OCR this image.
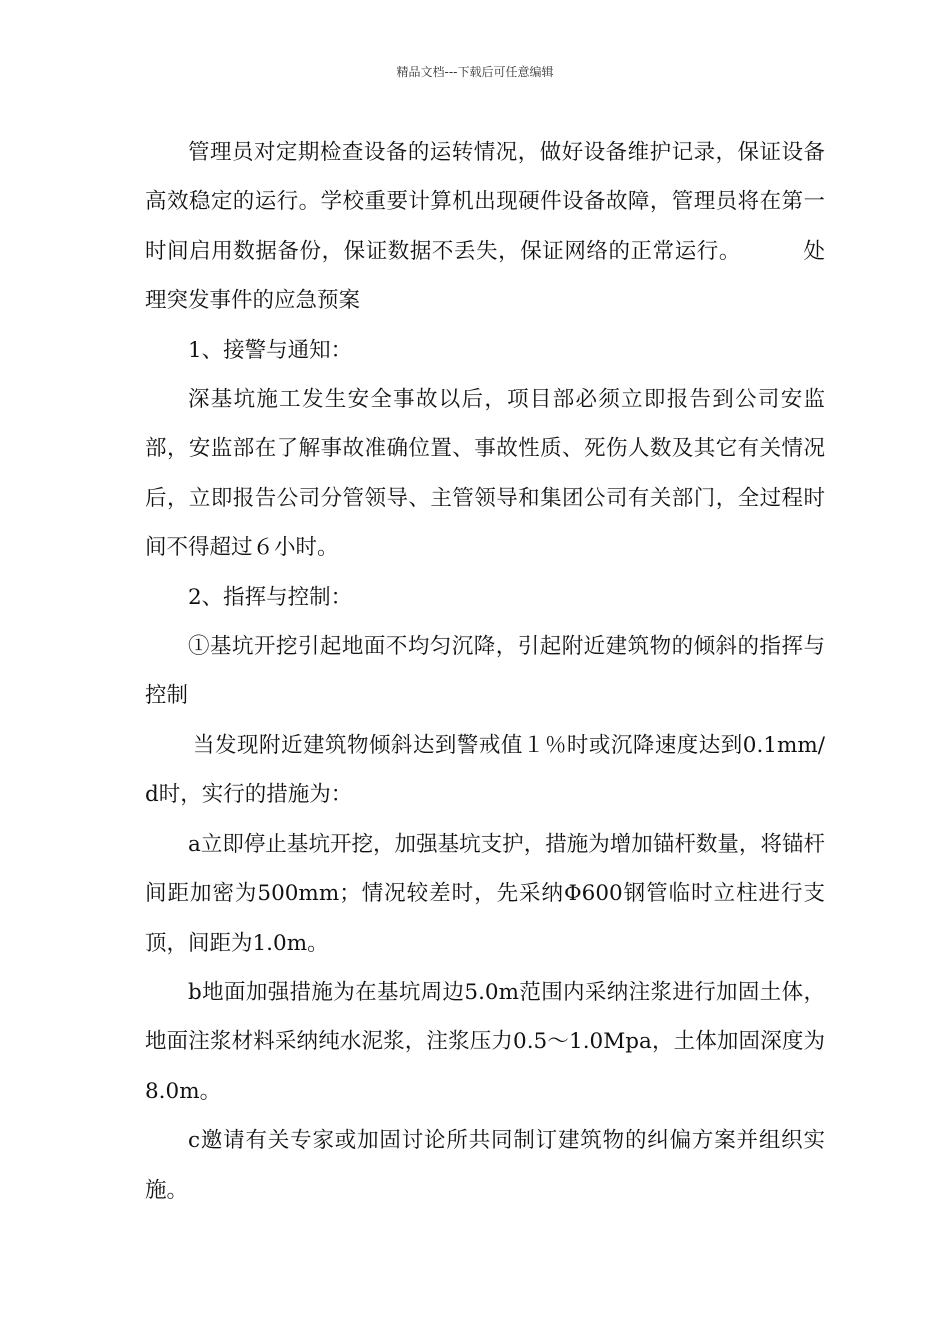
精品文档---下载后可任意编辑

管理员对定期检查设备的运转情况，做好设备维护记录，保证设备高效稳定的运行。学校重要计算机出现硬件设备故障，管理员将在第一时间启用数据备份，保证数据不丢失，保证网络的正常运行。	处理突发事件的应急预案

1、接警与通知：

深基坑施工发生安全事故以后，项目部必须立即报告到公司安监部，安监部在了解事故准确位置、事故性质、死伤人数及其它有关情况后，立即报告公司分管领导、主管领导和集团公司有关部门，全过程时间不得超过６小时。

2、指挥与控制：

①基坑开挖引起地面不均匀沉降，引起附近建筑物的倾斜的指挥与控制

当发现附近建筑物倾斜达到警戒值１％时或沉降速度达到0.1mm/d时，实行的措施为：

a立即停止基坑开挖，加强基坑支护，措施为增加锚杆数量，将锚杆间距加密为500mm；情况较差时，先采纳Φ600钢管临时立柱进行支顶，间距为1.0m。

b地面加强措施为在基坑周边5.0m范围内采纳注浆进行加固土体，地面注浆材料采纳纯水泥浆，注浆压力0.5～1.0Mpa，土体加固深度为8.0m。

c邀请有关专家或加固讨论所共同制订建筑物的纠偏方案并组织实施。
